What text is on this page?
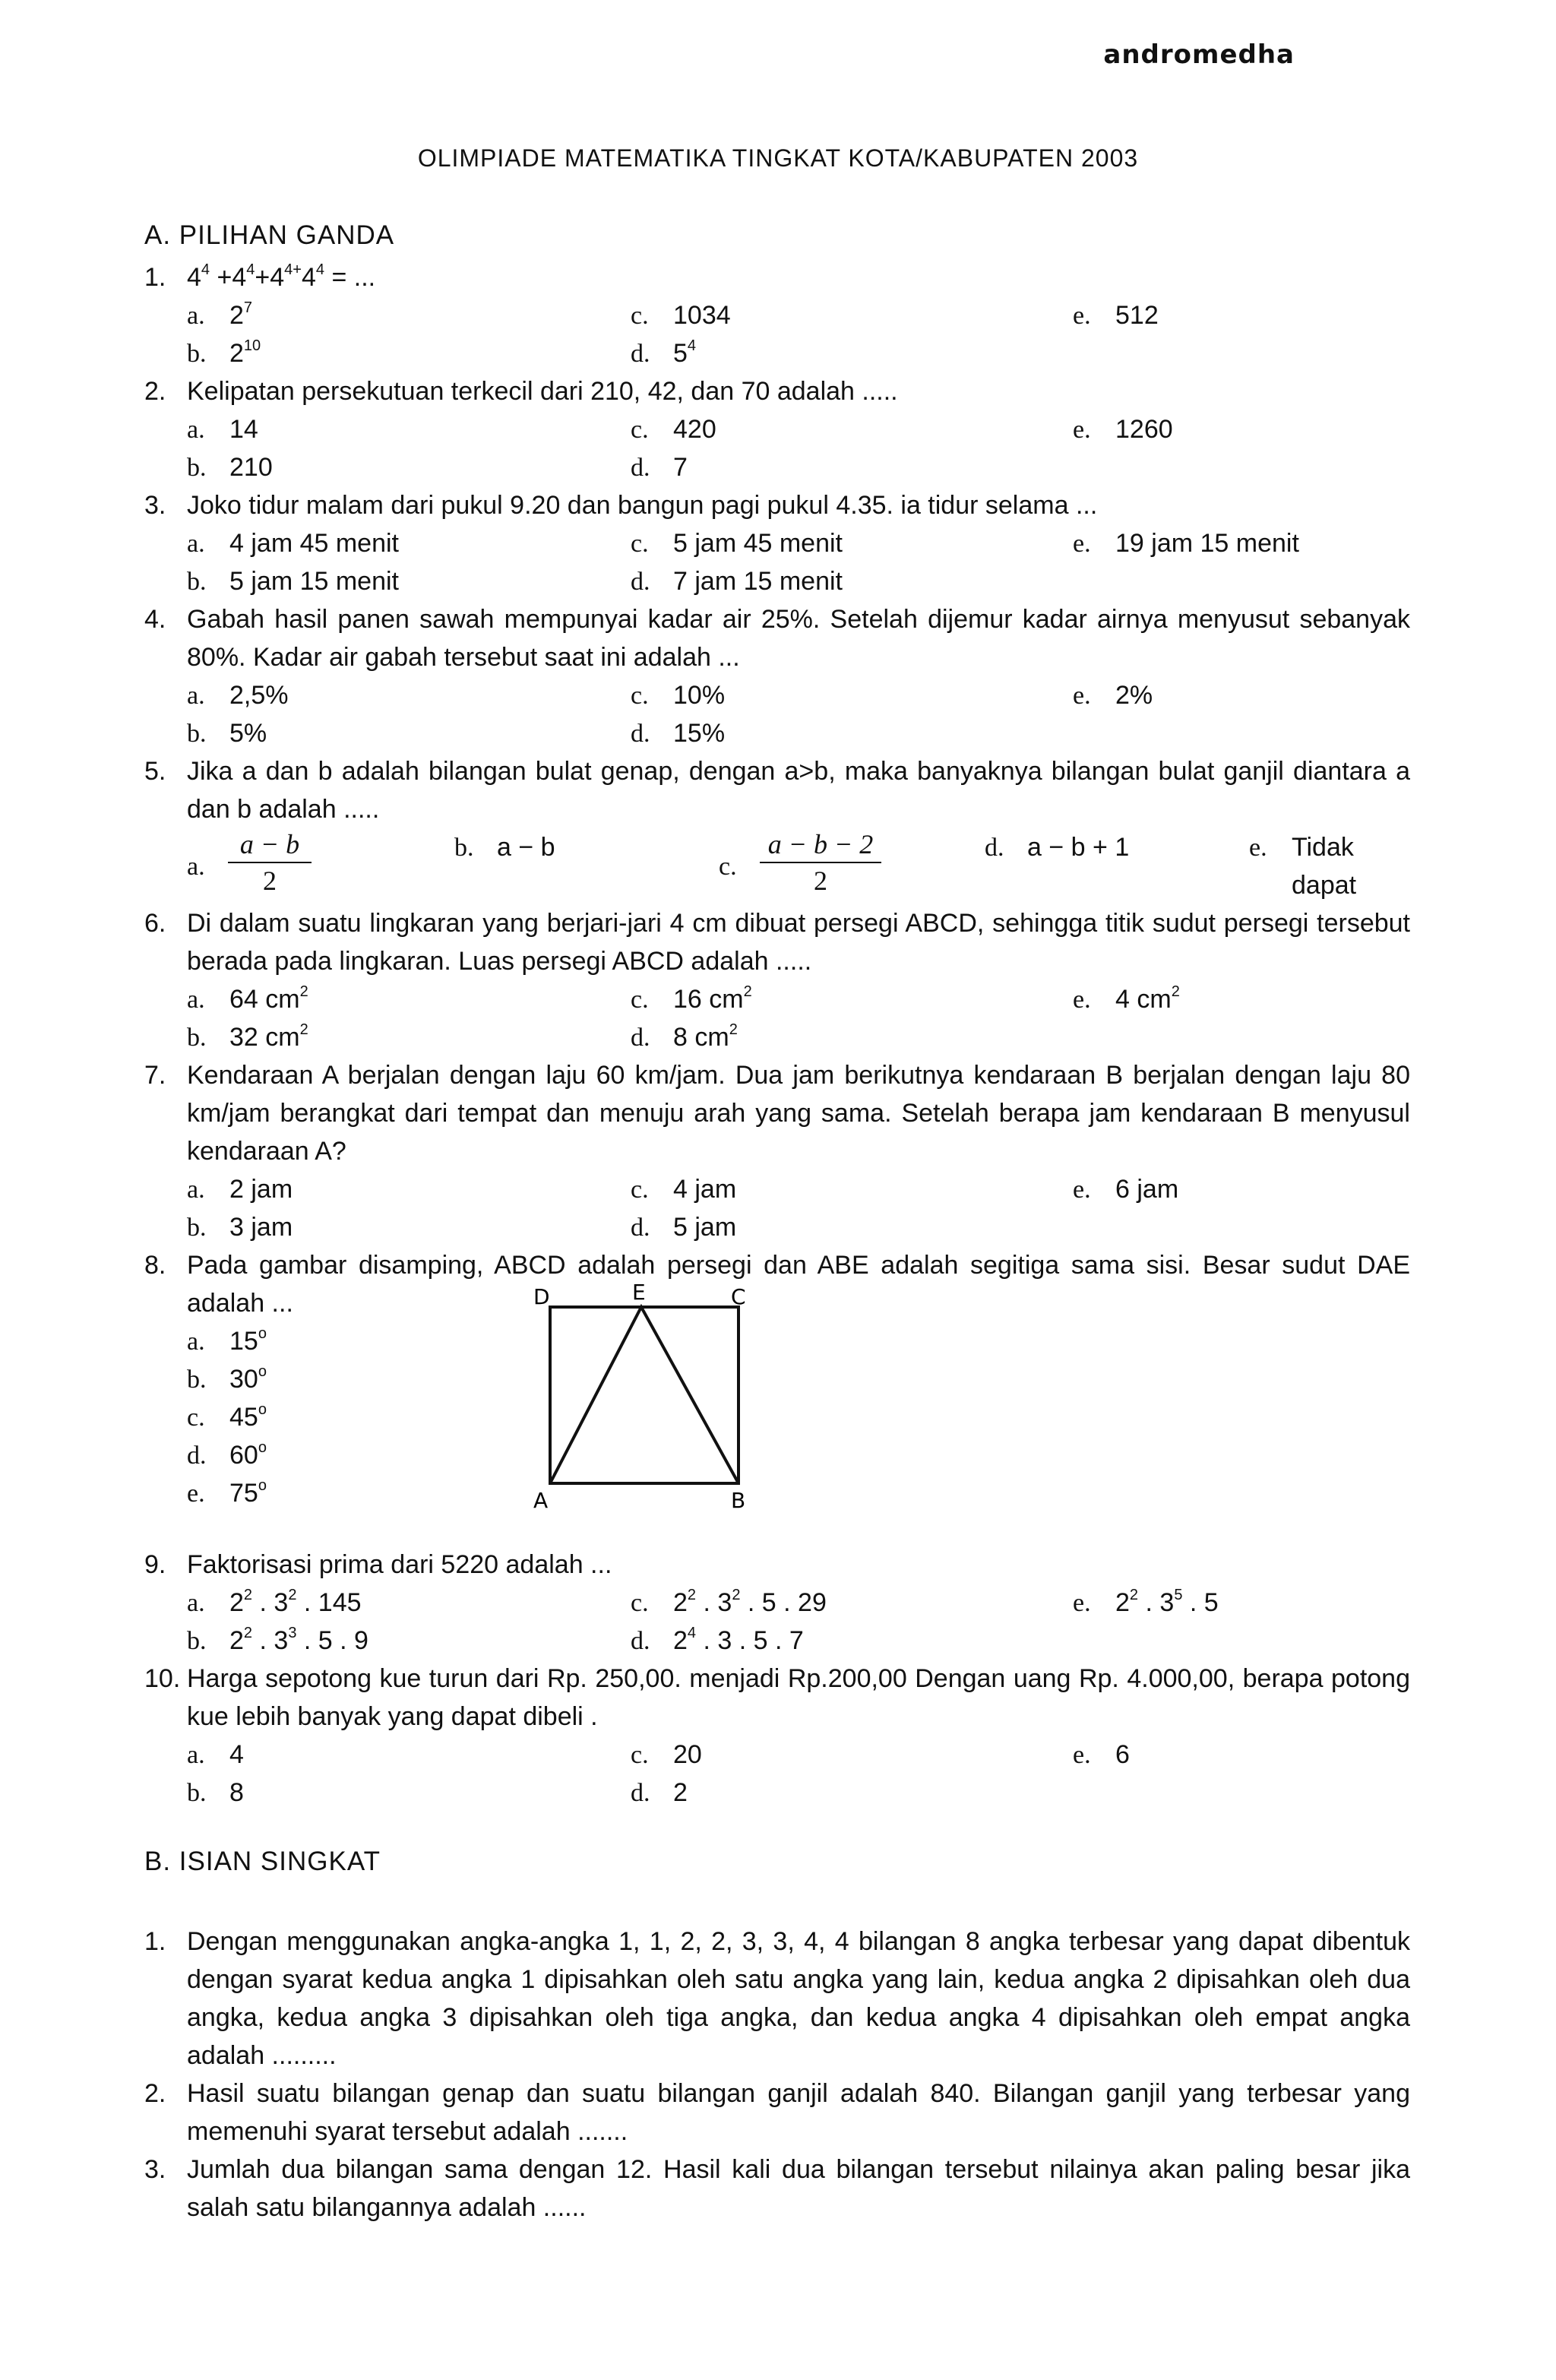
andromedha
OLIMPIADE MATEMATIKA TINGKAT KOTA/KABUPATEN 2003
A. PILIHAN GANDA
1. $4^4 +4^4+4^{4+}4^4$ = ...
a. $2^7$	c. 1034	e. 512
b. $2^{10}$	d. $5^4$
2. Kelipatan persekutuan terkecil dari 210, 42, dan 70 adalah .....
a. 14	c. 420	e. 1260
b. 210	d. 7
3. Joko tidur malam dari pukul 9.20 dan bangun pagi pukul 4.35. ia tidur selama ...
a. 4 jam 45 menit	c. 5 jam 45 menit	e. 19 jam 15 menit
b. 5 jam 15 menit	d. 7 jam 15 menit
4. Gabah hasil panen sawah mempunyai kadar air 25%. Setelah dijemur kadar airnya menyusut sebanyak 80%. Kadar air gabah tersebut saat ini adalah ...
a. 2,5%	c. 10%	e. 2%
b. 5%	d. 15%
5. Jika a dan b adalah bilangan bulat genap, dengan a>b, maka banyaknya bilangan bulat ganjil diantara a dan b adalah .....
a.
a − b
2
b. a − b
c.
a − b − 2
2
d. a − b + 1	e. Tidak
dapat
6. Di dalam suatu lingkaran yang berjari-jari 4 cm dibuat persegi ABCD, sehingga titik sudut persegi tersebut berada pada lingkaran. Luas persegi ABCD adalah .....
a. 64 $cm^2$	c. 16 $cm^2$	e. 4 $cm^2$
b. 32 $cm^2$	d. 8 $cm^2$
7. Kendaraan A berjalan dengan laju 60 km/jam. Dua jam berikutnya kendaraan B berjalan dengan laju 80 km/jam berangkat dari tempat dan menuju arah yang sama. Setelah berapa jam kendaraan B menyusul kendaraan A?
a. 2 jam	c. 4 jam	e. 6 jam
b. 3 jam	d. 5 jam
8. Pada gambar disamping, ABCD adalah persegi dan ABE adalah segitiga sama sisi. Besar sudut DAE adalah ...
a. 15$^o$
b. 30$^o$
c. 45$^o$
d. 60$^o$
e. 75$^o$
D	E	C
A	B
9. Faktorisasi prima dari 5220 adalah ...
a. $2^2$ . $3^2$ . 145	c. $2^2$ . $3^2$ . 5 . 29	e. $2^2$ . $3^5$ . 5
b. $2^2$ . $3^3$ . 5 . 9	d. $2^4$ . 3 . 5 . 7
10. Harga sepotong kue turun dari Rp. 250,00. menjadi Rp.200,00 Dengan uang Rp. 4.000,00, berapa potong kue lebih banyak yang dapat dibeli .
a. 4	c. 20	e. 6
b. 8	d. 2
B. ISIAN SINGKAT
1. Dengan menggunakan angka-angka 1, 1, 2, 2, 3, 3, 4, 4 bilangan 8 angka terbesar yang dapat dibentuk dengan syarat kedua angka 1 dipisahkan oleh satu angka yang lain, kedua angka 2 dipisahkan oleh dua angka, kedua angka 3 dipisahkan oleh tiga angka, dan kedua angka 4 dipisahkan oleh empat angka adalah .........
2. Hasil suatu bilangan genap dan suatu bilangan ganjil adalah 840. Bilangan ganjil yang terbesar yang memenuhi syarat tersebut adalah .......
3. Jumlah dua bilangan sama dengan 12. Hasil kali dua bilangan tersebut nilainya akan paling besar jika salah satu bilangannya adalah ......
